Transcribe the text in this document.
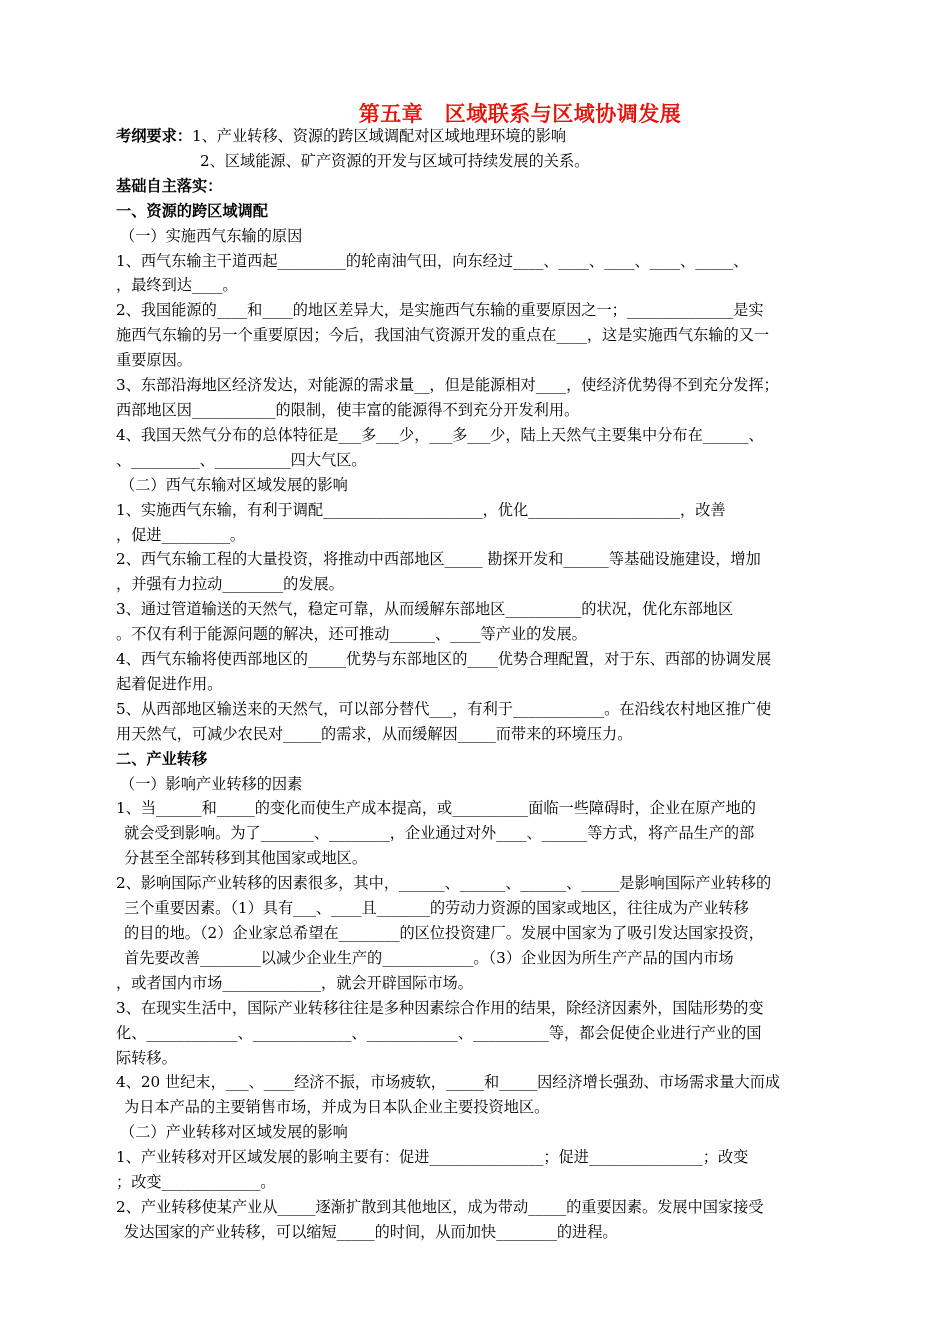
第五章　区域联系与区域协调发展
考纲要求：1、产业转移、资源的跨区域调配对区域地理环境的影响
2、区域能源、矿产资源的开发与区域可持续发展的关系。
基础自主落实：
一、资源的跨区域调配
（一）实施西气东输的原因
1、西气东输主干道西起_________的轮南油气田，向东经过____、____、____、____、_____、
，最终到达____。
2、我国能源的____和____的地区差异大，是实施西气东输的重要原因之一；______________是实
施西气东输的另一个重要原因；今后，我国油气资源开发的重点在____，这是实施西气东输的又一
重要原因。
3、东部沿海地区经济发达，对能源的需求量__，但是能源相对____，使经济优势得不到充分发挥；
西部地区因___________的限制，使丰富的能源得不到充分开发利用。
4、我国天然气分布的总体特征是___多___少，___多___少，陆上天然气主要集中分布在______、
、_________、__________四大气区。
（二）西气东输对区域发展的影响
1、实施西气东输，有利于调配_____________________，优化____________________，改善
，促进_________。
2、西气东输工程的大量投资，将推动中西部地区_____ 勘探开发和______等基础设施建设，增加
，并强有力拉动________的发展。
3、通过管道输送的天然气，稳定可靠，从而缓解东部地区__________的状况，优化东部地区
。不仅有利于能源问题的解决，还可推动______、____等产业的发展。
4、西气东输将使西部地区的_____优势与东部地区的____优势合理配置，对于东、西部的协调发展
起着促进作用。
5、从西部地区输送来的天然气，可以部分替代___，有利于____________。在沿线农村地区推广使
用天然气，可减少农民对_____的需求，从而缓解因_____而带来的环境压力。
二、产业转移
（一）影响产业转移的因素
1、当______和_____的变化而使生产成本提高，或__________面临一些障碍时，企业在原产地的
就会受到影响。为了_______、________，企业通过对外____、______等方式，将产品生产的部
分甚至全部转移到其他国家或地区。
2、影响国际产业转移的因素很多，其中，______、______、______、_____是影响国际产业转移的
三个重要因素。（1）具有___、____且_______的劳动力资源的国家或地区，往往成为产业转移
的目的地。（2）企业家总希望在________的区位投资建厂。发展中国家为了吸引发达国家投资，
首先要改善________以减少企业生产的____________。（3）企业因为所生产产品的国内市场
，或者国内市场_____________，就会开辟国际市场。
3、在现实生活中，国际产业转移往往是多种因素综合作用的结果，除经济因素外，国陆形势的变
化、____________、_____________、____________、__________等，都会促使企业进行产业的国
际转移。
4、20 世纪末，___、____经济不振，市场疲软，_____和_____因经济增长强劲、市场需求量大而成
为日本产品的主要销售市场，并成为日本队企业主要投资地区。
（二）产业转移对区域发展的影响
1、产业转移对开区域发展的影响主要有：促进_______________；促进_______________；改变
；改变_____________。
2、产业转移使某产业从_____逐渐扩散到其他地区，成为带动_____的重要因素。发展中国家接受
发达国家的产业转移，可以缩短_____的时间，从而加快________的进程。
